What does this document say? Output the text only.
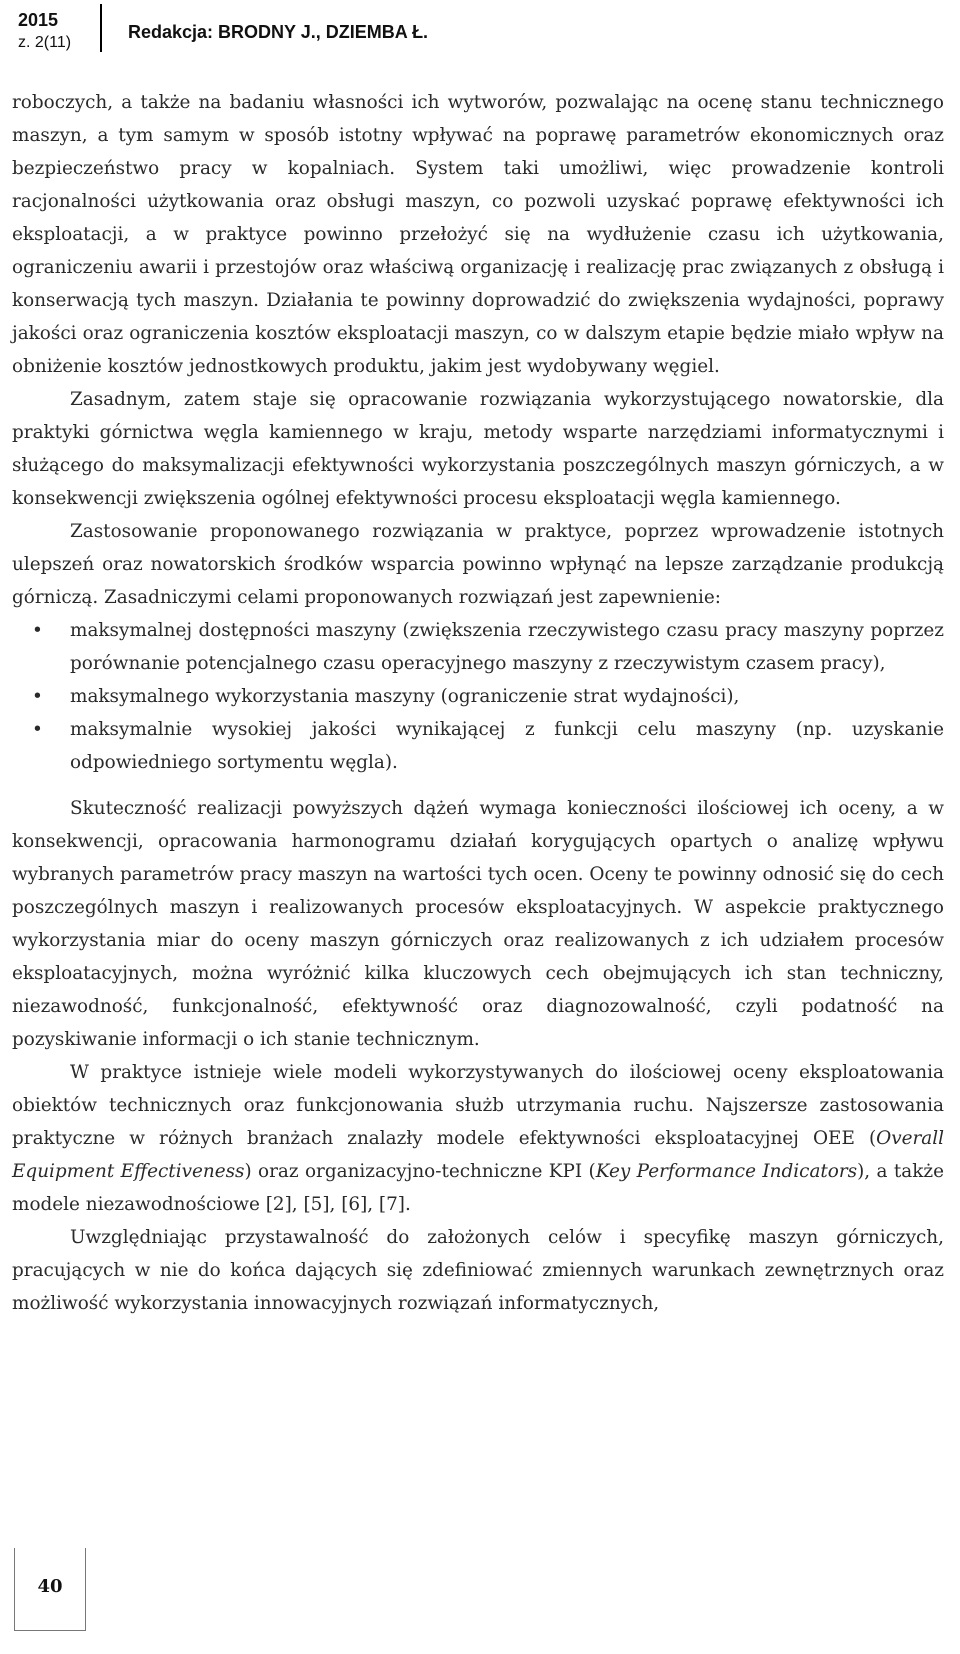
2015
z. 2(11)
Redakcja: BRODNY J., DZIEMBA Ł.

roboczych, a także na badaniu własności ich wytworów, pozwalając na ocenę stanu technicznego maszyn, a tym samym w sposób istotny wpływać na poprawę parametrów ekonomicznych oraz bezpieczeństwo pracy w kopalniach. System taki umożliwi, więc prowadzenie kontroli racjonalności użytkowania oraz obsługi maszyn, co pozwoli uzyskać poprawę efektywności ich eksploatacji, a w praktyce powinno przełożyć się na wydłużenie czasu ich użytkowania, ograniczeniu awarii i przestojów oraz właściwą organizację i realizację prac związanych z obsługą i konserwacją tych maszyn. Działania te powinny doprowadzić do zwiększenia wydajności, poprawy jakości oraz ograniczenia kosztów eksploatacji maszyn, co w dalszym etapie będzie miało wpływ na obniżenie kosztów jednostkowych produktu, jakim jest wydobywany węgiel.

Zasadnym, zatem staje się opracowanie rozwiązania wykorzystującego nowatorskie, dla praktyki górnictwa węgla kamiennego w kraju, metody wsparte narzędziami informatycznymi i służącego do maksymalizacji efektywności wykorzystania poszczególnych maszyn górniczych, a w konsekwencji zwiększenia ogólnej efektywności procesu eksploatacji węgla kamiennego.

Zastosowanie proponowanego rozwiązania w praktyce, poprzez wprowadzenie istotnych ulepszeń oraz nowatorskich środków wsparcia powinno wpłynąć na lepsze zarządzanie produkcją górniczą. Zasadniczymi celami proponowanych rozwiązań jest zapewnienie:

• maksymalnej dostępności maszyny (zwiększenia rzeczywistego czasu pracy maszyny poprzez porównanie potencjalnego czasu operacyjnego maszyny z rzeczywistym czasem pracy),
• maksymalnego wykorzystania maszyny (ograniczenie strat wydajności),
• maksymalnie wysokiej jakości wynikającej z funkcji celu maszyny (np. uzyskanie odpowiedniego sortymentu węgla).

Skuteczność realizacji powyższych dążeń wymaga konieczności ilościowej ich oceny, a w konsekwencji, opracowania harmonogramu działań korygujących opartych o analizę wpływu wybranych parametrów pracy maszyn na wartości tych ocen. Oceny te powinny odnosić się do cech poszczególnych maszyn i realizowanych procesów eksploatacyjnych. W aspekcie praktycznego wykorzystania miar do oceny maszyn górniczych oraz realizowanych z ich udziałem procesów eksploatacyjnych, można wyróżnić kilka kluczowych cech obejmujących ich stan techniczny, niezawodność, funkcjonalność, efektywność oraz diagnozowalność, czyli podatność na pozyskiwanie informacji o ich stanie technicznym.

W praktyce istnieje wiele modeli wykorzystywanych do ilościowej oceny eksploatowania obiektów technicznych oraz funkcjonowania służb utrzymania ruchu. Najszersze zastosowania praktyczne w różnych branżach znalazły modele efektywności eksploatacyjnej OEE (Overall Equipment Effectiveness) oraz organizacyjno-techniczne KPI (Key Performance Indicators), a także modele niezawodnościowe [2], [5], [6], [7].

Uwzględniając przystawalność do założonych celów i specyfikę maszyn górniczych, pracujących w nie do końca dających się zdefiniować zmiennych warunkach zewnętrznych oraz możliwość wykorzystania innowacyjnych rozwiązań informatycznych,

40
